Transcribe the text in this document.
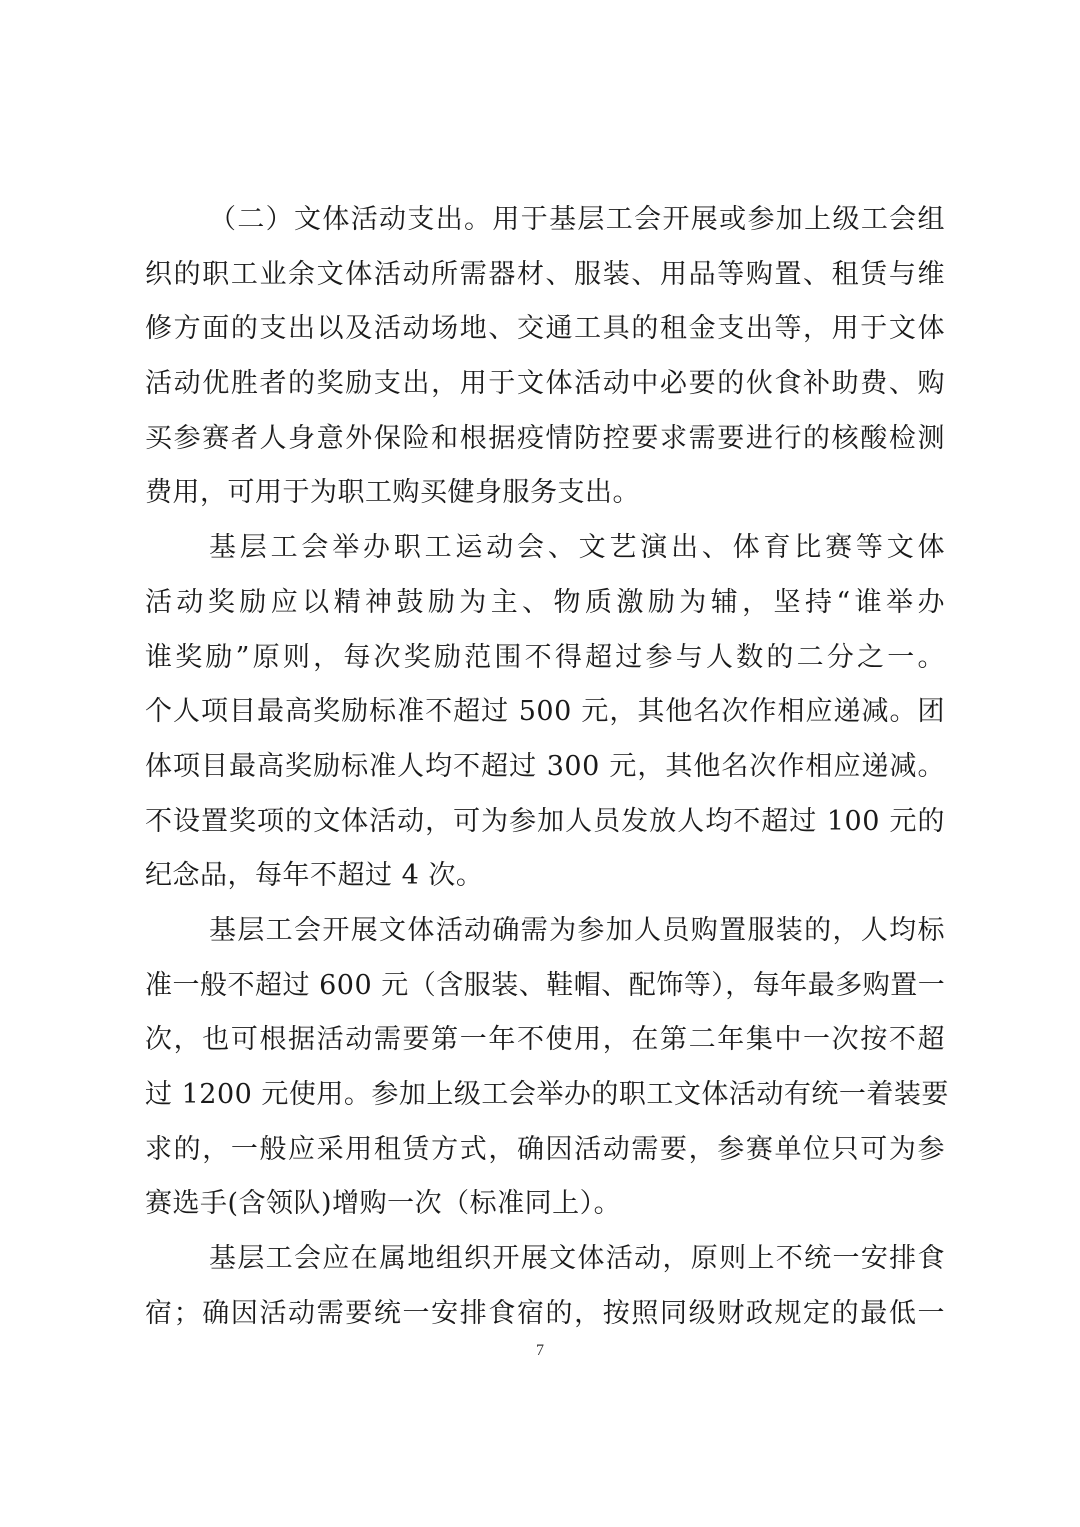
（二）文体活动支出。用于基层工会开展或参加上级工会组
织的职工业余文体活动所需器材、服装、用品等购置、租赁与维
修方面的支出以及活动场地、交通工具的租金支出等，用于文体
活动优胜者的奖励支出，用于文体活动中必要的伙食补助费、购
买参赛者人身意外保险和根据疫情防控要求需要进行的核酸检测
费用，可用于为职工购买健身服务支出。
基层工会举办职工运动会、文艺演出、体育比赛等文体
活动奖励应以精神鼓励为主、物质激励为辅，坚持“谁举办
谁奖励”原则，每次奖励范围不得超过参与人数的二分之一。
个人项目最高奖励标准不超过 500 元，其他名次作相应递减。团
体项目最高奖励标准人均不超过 300 元，其他名次作相应递减。
不设置奖项的文体活动，可为参加人员发放人均不超过 100 元的
纪念品，每年不超过 4 次。
基层工会开展文体活动确需为参加人员购置服装的，人均标
准一般不超过 600 元（含服装、鞋帽、配饰等），每年最多购置一
次，也可根据活动需要第一年不使用，在第二年集中一次按不超
过 1200 元使用。参加上级工会举办的职工文体活动有统一着装要
求的，一般应采用租赁方式，确因活动需要，参赛单位只可为参
赛选手(含领队)增购一次（标准同上）。
基层工会应在属地组织开展文体活动，原则上不统一安排食
宿；确因活动需要统一安排食宿的，按照同级财政规定的最低一
7
